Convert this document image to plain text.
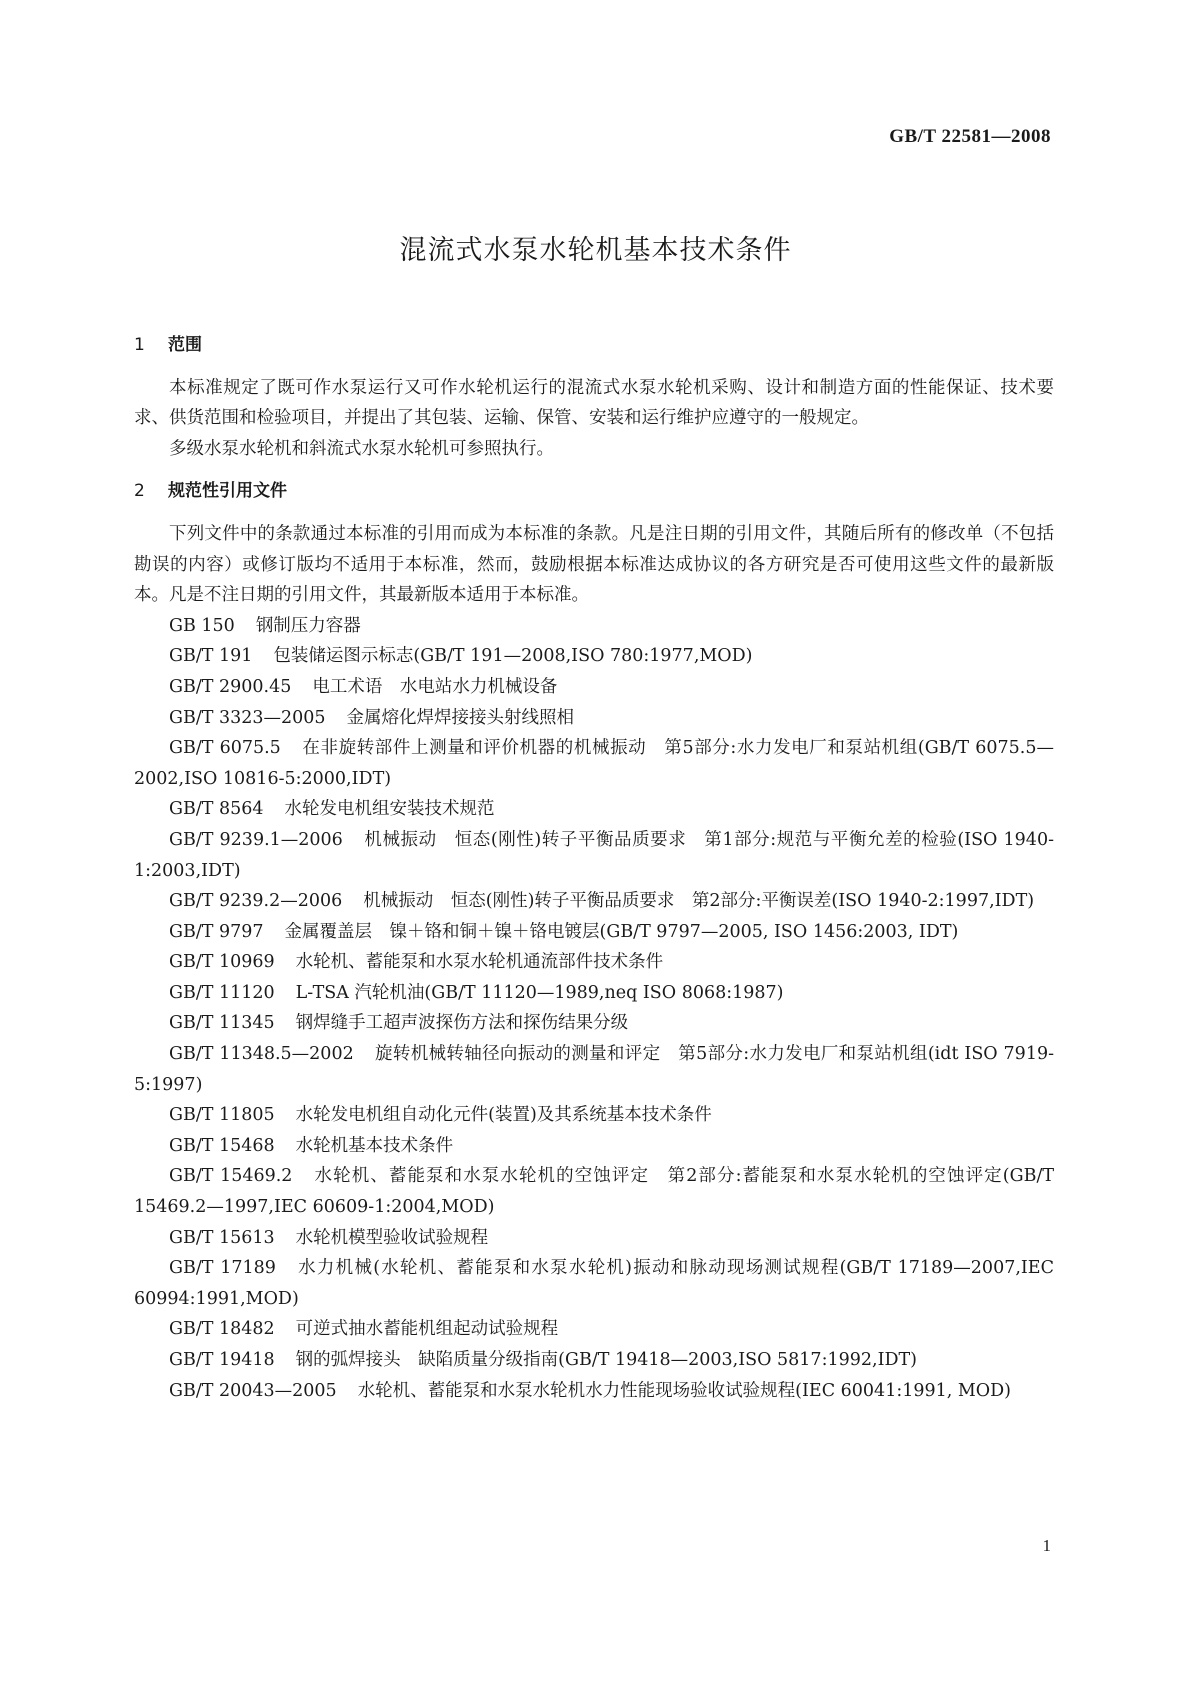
GB/T 22581—2008
混流式水泵水轮机基本技术条件
1 范围

本标准规定了既可作水泵运行又可作水轮机运行的混流式水泵水轮机采购、设计和制造方面的性能保证、技术要求、供货范围和检验项目，并提出了其包装、运输、保管、安装和运行维护应遵守的一般规定。

多级水泵水轮机和斜流式水泵水轮机可参照执行。

2 规范性引用文件

下列文件中的条款通过本标准的引用而成为本标准的条款。凡是注日期的引用文件，其随后所有的修改单（不包括勘误的内容）或修订版均不适用于本标准，然而，鼓励根据本标准达成协议的各方研究是否可使用这些文件的最新版本。凡是不注日期的引用文件，其最新版本适用于本标准。

GB 150 钢制压力容器

GB/T 191 包装储运图示标志(GB/T 191—2008,ISO 780:1977,MOD)

GB/T 2900.45 电工术语　水电站水力机械设备

GB/T 3323—2005 金属熔化焊焊接接头射线照相

GB/T 6075.5 在非旋转部件上测量和评价机器的机械振动　第5部分:水力发电厂和泵站机组(GB/T 6075.5—2002,ISO 10816-5:2000,IDT)

GB/T 8564 水轮发电机组安装技术规范

GB/T 9239.1—2006 机械振动　恒态(刚性)转子平衡品质要求　第1部分:规范与平衡允差的检验(ISO 1940-1:2003,IDT)

GB/T 9239.2—2006 机械振动　恒态(刚性)转子平衡品质要求　第2部分:平衡误差(ISO 1940-2:1997,IDT)

GB/T 9797 金属覆盖层　镍＋铬和铜＋镍＋铬电镀层(GB/T 9797—2005, ISO 1456:2003, IDT)

GB/T 10969 水轮机、蓄能泵和水泵水轮机通流部件技术条件

GB/T 11120 L-TSA 汽轮机油(GB/T 11120—1989,neq ISO 8068:1987)

GB/T 11345 钢焊缝手工超声波探伤方法和探伤结果分级

GB/T 11348.5—2002 旋转机械转轴径向振动的测量和评定　第5部分:水力发电厂和泵站机组(idt ISO 7919-5:1997)

GB/T 11805 水轮发电机组自动化元件(装置)及其系统基本技术条件

GB/T 15468 水轮机基本技术条件

GB/T 15469.2 水轮机、蓄能泵和水泵水轮机的空蚀评定　第2部分:蓄能泵和水泵水轮机的空蚀评定(GB/T 15469.2—1997,IEC 60609-1:2004,MOD)

GB/T 15613 水轮机模型验收试验规程

GB/T 17189 水力机械(水轮机、蓄能泵和水泵水轮机)振动和脉动现场测试规程(GB/T 17189—2007,IEC 60994:1991,MOD)

GB/T 18482 可逆式抽水蓄能机组起动试验规程

GB/T 19418 钢的弧焊接头　缺陷质量分级指南(GB/T 19418—2003,ISO 5817:1992,IDT)

GB/T 20043—2005 水轮机、蓄能泵和水泵水轮机水力性能现场验收试验规程(IEC 60041:1991, MOD)

1
